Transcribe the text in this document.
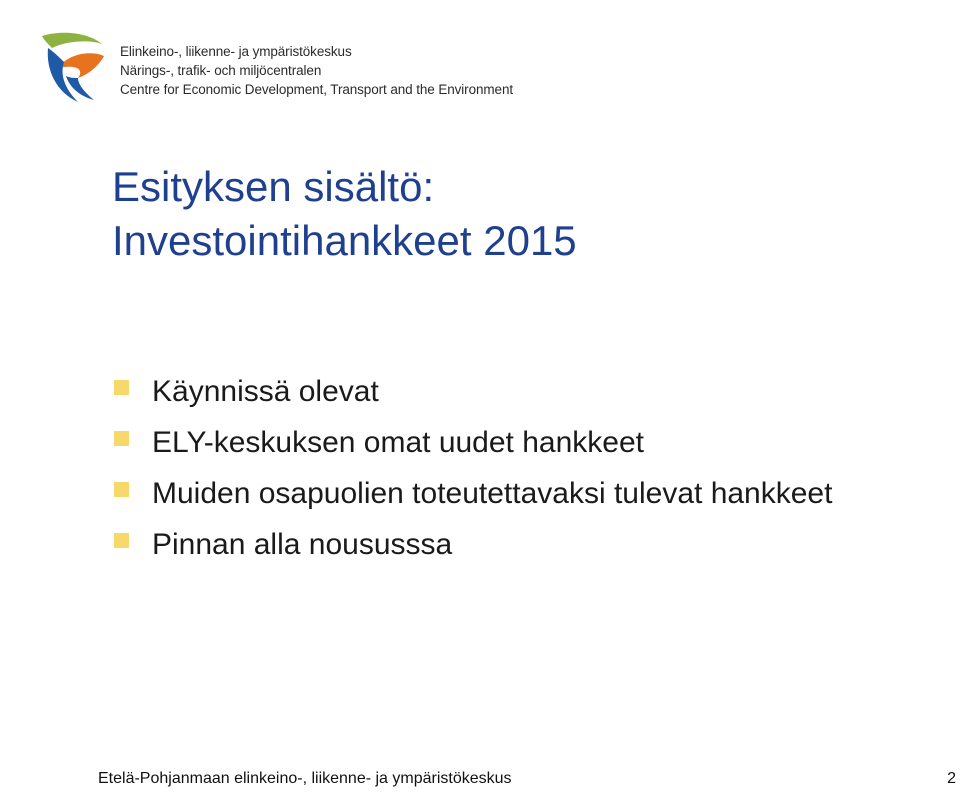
Elinkeino-, liikenne- ja ympäristökeskus
Närings-, trafik- och miljöcentralen
Centre for Economic Development, Transport and the Environment
Esityksen sisältö:
Investointihankkeet 2015
Käynnissä olevat
ELY-keskuksen omat uudet hankkeet
Muiden osapuolien toteutettavaksi tulevat hankkeet
Pinnan alla noususssa
Etelä-Pohjanmaan elinkeino-, liikenne- ja ympäristökeskus	2
